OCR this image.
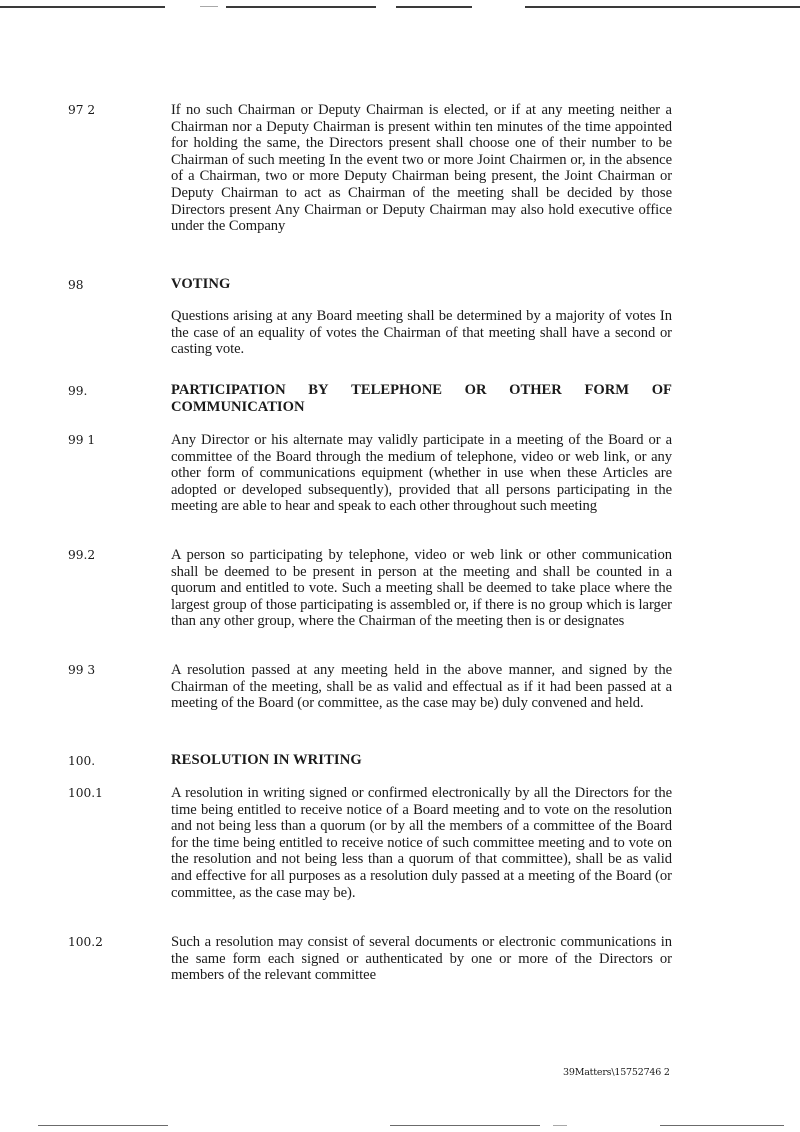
97 2	If no such Chairman or Deputy Chairman is elected, or if at any meeting neither a Chairman nor a Deputy Chairman is present within ten minutes of the time appointed for holding the same, the Directors present shall choose one of their number to be Chairman of such meeting In the event two or more Joint Chairmen or, in the absence of a Chairman, two or more Deputy Chairman being present, the Joint Chairman or Deputy Chairman to act as Chairman of the meeting shall be decided by those Directors present Any Chairman or Deputy Chairman may also hold executive office under the Company

98	VOTING

Questions arising at any Board meeting shall be determined by a majority of votes In the case of an equality of votes the Chairman of that meeting shall have a second or casting vote.

99.	PARTICIPATION BY TELEPHONE OR OTHER FORM OF
COMMUNICATION
99 1	Any Director or his alternate may validly participate in a meeting of the Board or a committee of the Board through the medium of telephone, video or web link, or any other form of communications equipment (whether in use when these Articles are adopted or developed subsequently), provided that all persons participating in the meeting are able to hear and speak to each other throughout such meeting

99.2	A person so participating by telephone, video or web link or other communication shall be deemed to be present in person at the meeting and shall be counted in a quorum and entitled to vote. Such a meeting shall be deemed to take place where the largest group of those participating is assembled or, if there is no group which is larger than any other group, where the Chairman of the meeting then is or designates

99 3	A resolution passed at any meeting held in the above manner, and signed by the Chairman of the meeting, shall be as valid and effectual as if it had been passed at a meeting of the Board (or committee, as the case may be) duly convened and held.

100.	RESOLUTION IN WRITING

100.1	A resolution in writing signed or confirmed electronically by all the Directors for the time being entitled to receive notice of a Board meeting and to vote on the resolution and not being less than a quorum (or by all the members of a committee of the Board for the time being entitled to receive notice of such committee meeting and to vote on the resolution and not being less than a quorum of that committee), shall be as valid and effective for all purposes as a resolution duly passed at a meeting of the Board (or committee, as the case may be).

100.2	Such a resolution may consist of several documents or electronic communications in the same form each signed or authenticated by one or more of the Directors or members of the relevant committee

39Matters\15752746 2
